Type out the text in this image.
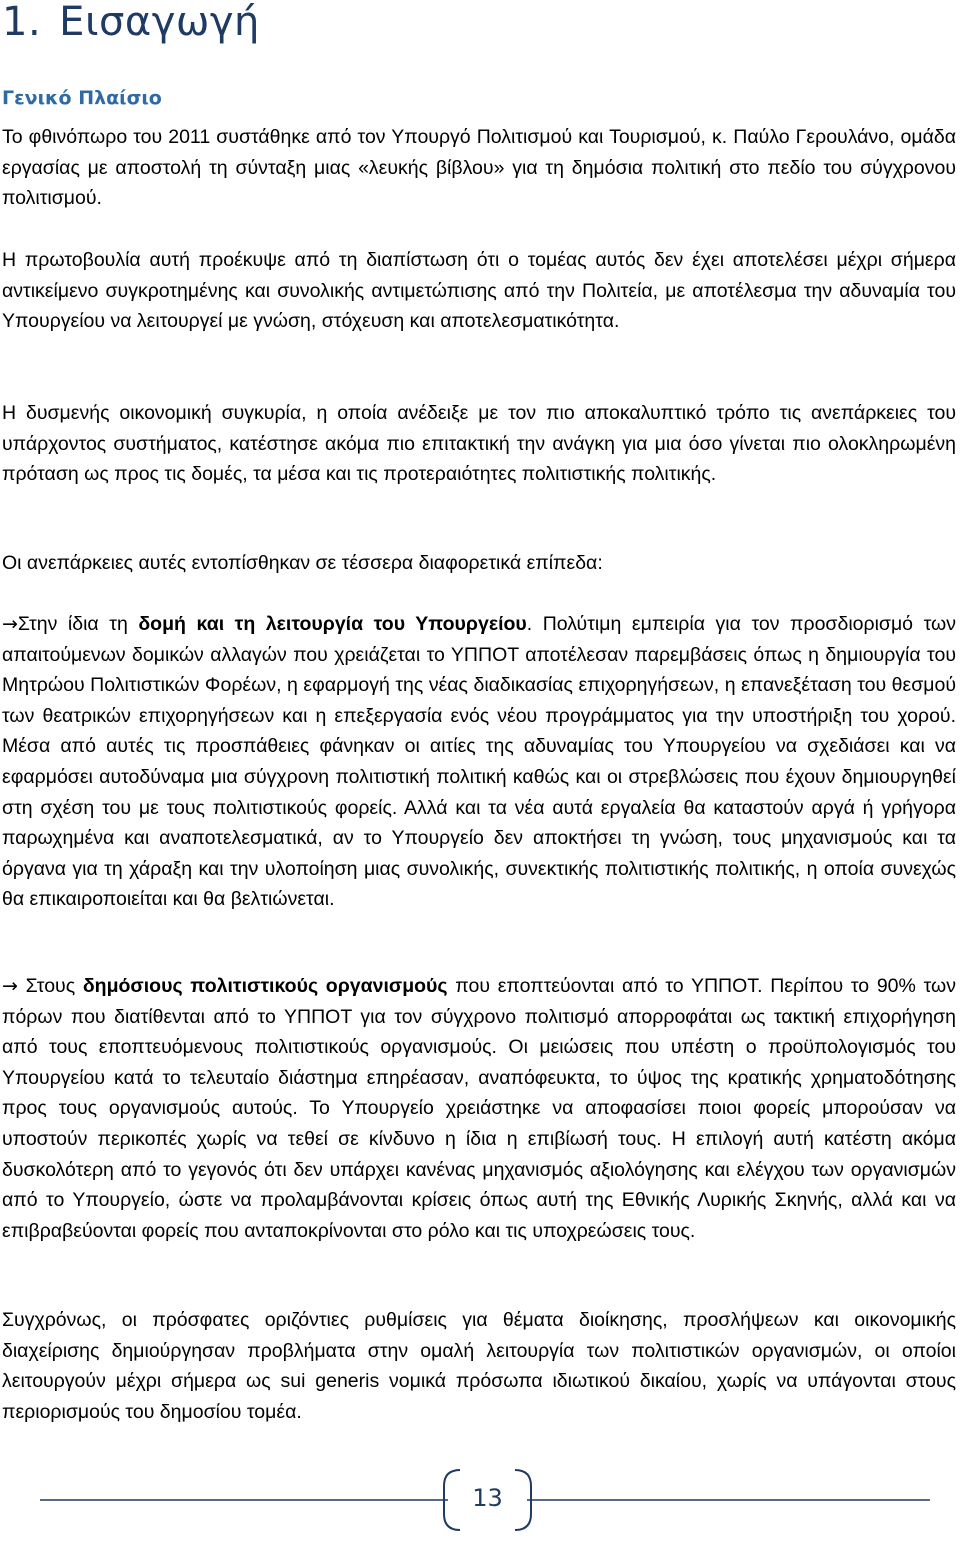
1. Εισαγωγή
Γενικό Πλαίσιο

Το φθινόπωρο του 2011 συστάθηκε από τον Υπουργό Πολιτισμού και Τουρισμού, κ. Παύλο Γερουλάνο, ομάδα εργασίας με αποστολή τη σύνταξη μιας «λευκής βίβλου» για τη δημόσια πολιτική στο πεδίο του σύγχρονου πολιτισμού.

Η πρωτοβουλία αυτή προέκυψε από τη διαπίστωση ότι ο τομέας αυτός δεν έχει αποτελέσει μέχρι σήμερα αντικείμενο συγκροτημένης και συνολικής αντιμετώπισης από την Πολιτεία, με αποτέλεσμα την αδυναμία του Υπουργείου να λειτουργεί με γνώση, στόχευση και αποτελεσματικότητα.

Η δυσμενής οικονομική συγκυρία, η οποία ανέδειξε με τον πιο αποκαλυπτικό τρόπο τις ανεπάρκειες του υπάρχοντος συστήματος, κατέστησε ακόμα πιο επιτακτική την ανάγκη για μια όσο γίνεται πιο ολοκληρωμένη πρόταση ως προς τις δομές, τα μέσα και τις προτεραιότητες πολιτιστικής πολιτικής.

Οι ανεπάρκειες αυτές εντοπίσθηκαν σε τέσσερα διαφορετικά επίπεδα:

→Στην ίδια τη δομή και τη λειτουργία του Υπουργείου. Πολύτιμη εμπειρία για τον προσδιορισμό των απαιτούμενων δομικών αλλαγών που χρειάζεται το ΥΠΠΟΤ αποτέλεσαν παρεμβάσεις όπως η δημιουργία του Μητρώου Πολιτιστικών Φορέων, η εφαρμογή της νέας διαδικασίας επιχορηγήσεων, η επανεξέταση του θεσμού των θεατρικών επιχορηγήσεων και η επεξεργασία ενός νέου προγράμματος για την υποστήριξη του χορού. Μέσα από αυτές τις προσπάθειες φάνηκαν οι αιτίες της αδυναμίας του Υπουργείου να σχεδιάσει και να εφαρμόσει αυτοδύναμα μια σύγχρονη πολιτιστική πολιτική καθώς και οι στρεβλώσεις που έχουν δημιουργηθεί στη σχέση του με τους πολιτιστικούς φορείς. Αλλά και τα νέα αυτά εργαλεία θα καταστούν αργά ή γρήγορα παρωχημένα και αναποτελεσματικά, αν το Υπουργείο δεν αποκτήσει τη γνώση, τους μηχανισμούς και τα όργανα για τη χάραξη και την υλοποίηση μιας συνολικής, συνεκτικής πολιτιστικής πολιτικής, η οποία συνεχώς θα επικαιροποιείται και θα βελτιώνεται.

→ Στους δημόσιους πολιτιστικούς οργανισμούς που εποπτεύονται από το ΥΠΠΟΤ. Περίπου το 90% των πόρων που διατίθενται από το ΥΠΠΟΤ για τον σύγχρονο πολιτισμό απορροφάται ως τακτική επιχορήγηση από τους εποπτευόμενους πολιτιστικούς οργανισμούς. Οι μειώσεις που υπέστη ο προϋπολογισμός του Υπουργείου κατά το τελευταίο διάστημα επηρέασαν, αναπόφευκτα, το ύψος της κρατικής χρηματοδότησης προς τους οργανισμούς αυτούς. Το Υπουργείο χρειάστηκε να αποφασίσει ποιοι φορείς μπορούσαν να υποστούν περικοπές χωρίς να τεθεί σε κίνδυνο η ίδια η επιβίωσή τους. Η επιλογή αυτή κατέστη ακόμα δυσκολότερη από το γεγονός ότι δεν υπάρχει κανένας μηχανισμός αξιολόγησης και ελέγχου των οργανισμών από το Υπουργείο, ώστε να προλαμβάνονται κρίσεις όπως αυτή της Εθνικής Λυρικής Σκηνής, αλλά και να επιβραβεύονται φορείς που ανταποκρίνονται στο ρόλο και τις υποχρεώσεις τους.

Συγχρόνως, οι πρόσφατες οριζόντιες ρυθμίσεις για θέματα διοίκησης, προσλήψεων και οικονομικής διαχείρισης δημιούργησαν προβλήματα στην ομαλή λειτουργία των πολιτιστικών οργανισμών, οι οποίοι λειτουργούν μέχρι σήμερα ως sui generis νομικά πρόσωπα ιδιωτικού δικαίου, χωρίς να υπάγονται στους περιορισμούς του δημοσίου τομέα.

13
